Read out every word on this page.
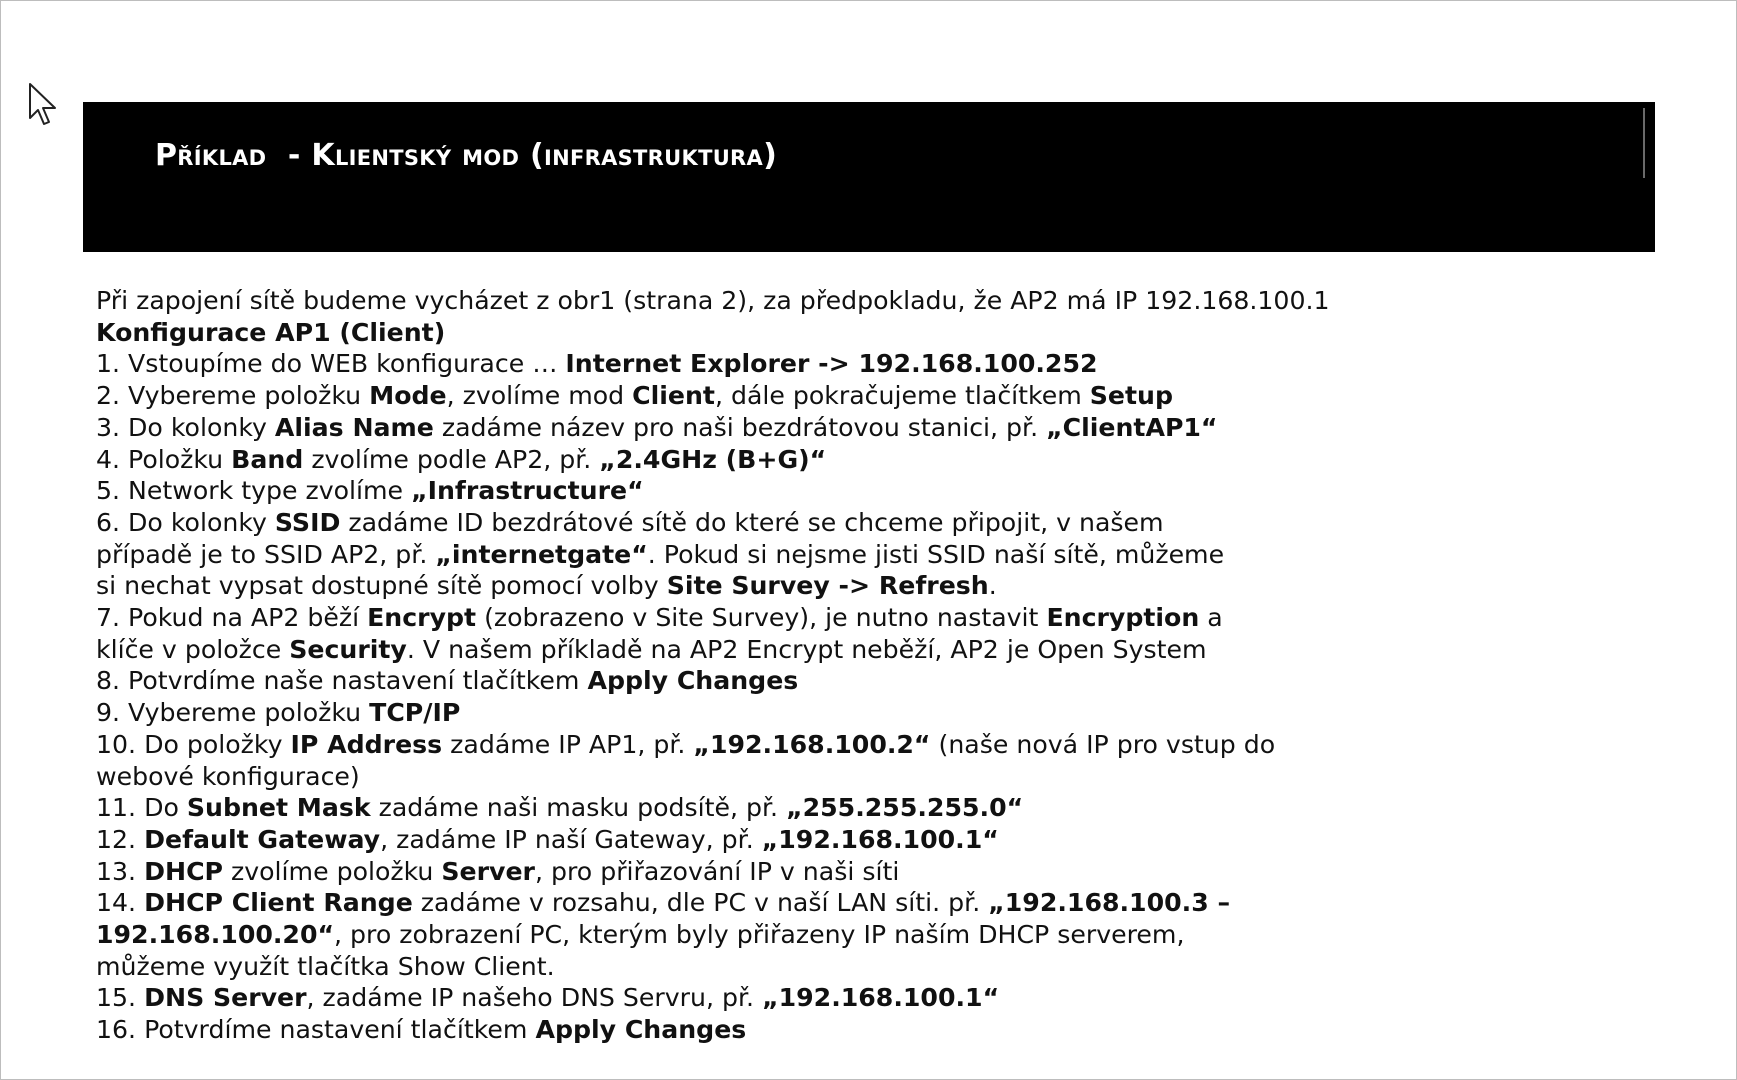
Příklad  - Klientský mod (infrastruktura)
Při zapojení sítě budeme vycházet z obr1 (strana 2), za předpokladu, že AP2 má IP 192.168.100.1
Konfigurace AP1 (Client)
1. Vstoupíme do WEB konfigurace … Internet Explorer -> 192.168.100.252
2. Vybereme položku Mode, zvolíme mod Client, dále pokračujeme tlačítkem Setup
3. Do kolonky Alias Name zadáme název pro naši bezdrátovou stanici, př. „ClientAP1“
4. Položku Band zvolíme podle AP2, př. „2.4GHz (B+G)“
5. Network type zvolíme „Infrastructure“
6. Do kolonky SSID zadáme ID bezdrátové sítě do které se chceme připojit, v našem
případě je to SSID AP2, př. „internetgate“. Pokud si nejsme jisti SSID naší sítě, můžeme
si nechat vypsat dostupné sítě pomocí volby Site Survey -> Refresh.
7. Pokud na AP2 běží Encrypt (zobrazeno v Site Survey), je nutno nastavit Encryption a
klíče v položce Security. V našem příkladě na AP2 Encrypt neběží, AP2 je Open System
8. Potvrdíme naše nastavení tlačítkem Apply Changes
9. Vybereme položku TCP/IP
10. Do položky IP Address zadáme IP AP1, př. „192.168.100.2“ (naše nová IP pro vstup do
webové konfigurace)
11. Do Subnet Mask zadáme naši masku podsítě, př. „255.255.255.0“
12. Default Gateway, zadáme IP naší Gateway, př. „192.168.100.1“
13. DHCP zvolíme položku Server, pro přiřazování IP v naši síti
14. DHCP Client Range zadáme v rozsahu, dle PC v naší LAN síti. př. „192.168.100.3 –
192.168.100.20“, pro zobrazení PC, kterým byly přiřazeny IP naším DHCP serverem,
můžeme využít tlačítka Show Client.
15. DNS Server, zadáme IP našeho DNS Servru, př. „192.168.100.1“
16. Potvrdíme nastavení tlačítkem Apply Changes
